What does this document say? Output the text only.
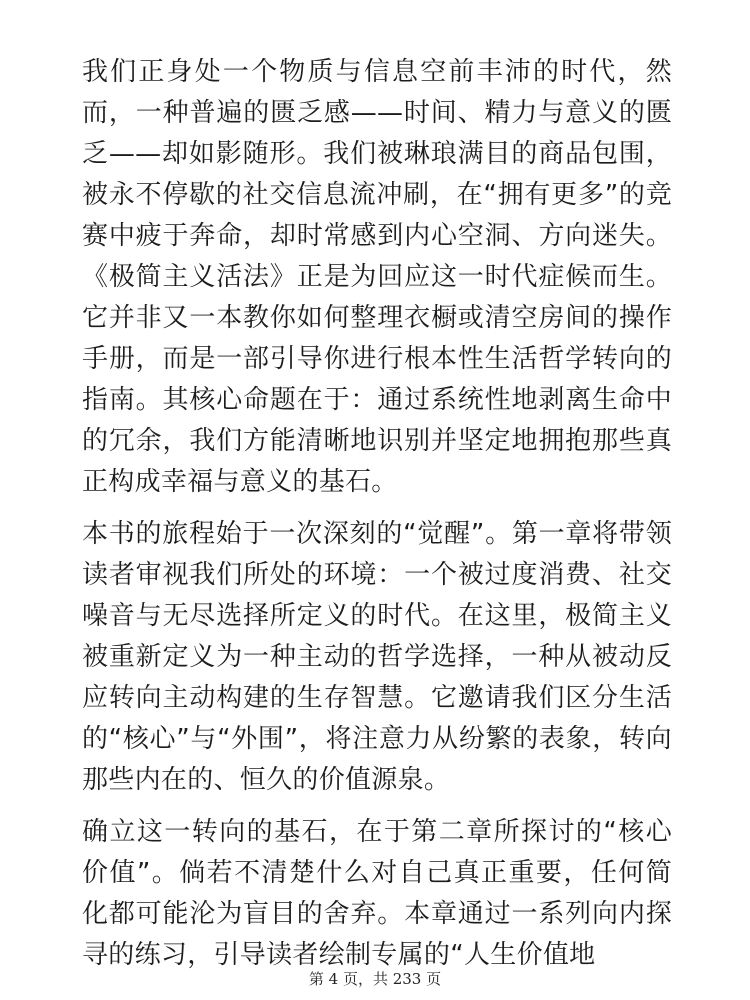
我们正身处一个物质与信息空前丰沛的时代，然而，一种普遍的匮乏感——时间、精力与意义的匮乏——却如影随形。我们被琳琅满目的商品包围，被永不停歇的社交信息流冲刷，在“拥有更多”的竞赛中疲于奔命，却时常感到内心空洞、方向迷失。《极简主义活法》正是为回应这一时代症候而生。它并非又一本教你如何整理衣橱或清空房间的操作手册，而是一部引导你进行根本性生活哲学转向的指南。其核心命题在于：通过系统性地剥离生命中的冗余，我们方能清晰地识别并坚定地拥抱那些真正构成幸福与意义的基石。

本书的旅程始于一次深刻的“觉醒”。第一章将带领读者审视我们所处的环境：一个被过度消费、社交噪音与无尽选择所定义的时代。在这里，极简主义被重新定义为一种主动的哲学选择，一种从被动反应转向主动构建的生存智慧。它邀请我们区分生活的“核心”与“外围”，将注意力从纷繁的表象，转向那些内在的、恒久的价值源泉。

确立这一转向的基石，在于第二章所探讨的“核心价值”。倘若不清楚什么对自己真正重要，任何简化都可能沦为盲目的舍弃。本章通过一系列向内探寻的练习，引导读者绘制专属的“人生价值地

第 4 页，共 233 页
